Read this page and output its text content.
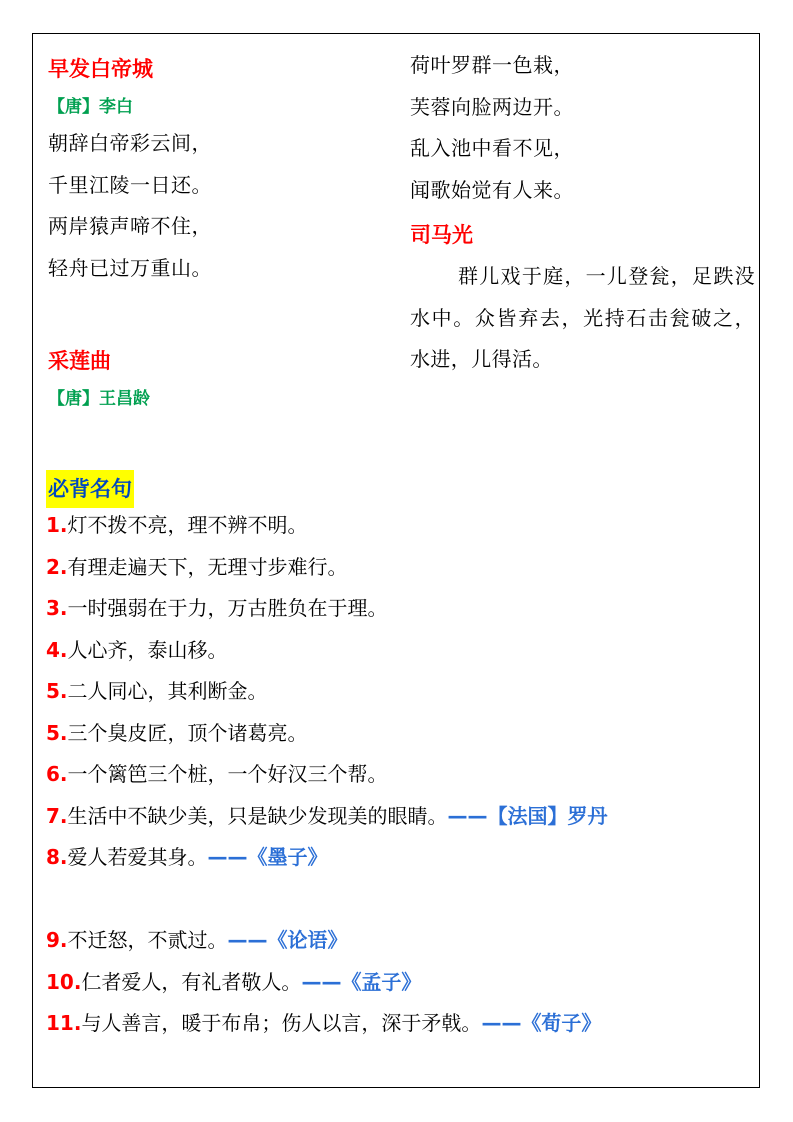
早发白帝城
【唐】李白
朝辞白帝彩云间，
千里江陵一日还。
两岸猿声啼不住，
轻舟已过万重山。
采莲曲
【唐】王昌龄
荷叶罗群一色栽，
芙蓉向脸两边开。
乱入池中看不见，
闻歌始觉有人来。
司马光

群儿戏于庭，一儿登瓮，足跌没水中。众皆弃去，光持石击瓮破之，水进，儿得活。

必背名句
1.灯不拨不亮，理不辨不明。
2.有理走遍天下，无理寸步难行。
3.一时强弱在于力，万古胜负在于理。
4.人心齐，泰山移。
5.二人同心，其利断金。
5.三个臭皮匠，顶个诸葛亮。
6.一个篱笆三个桩，一个好汉三个帮。
7.生活中不缺少美，只是缺少发现美的眼睛。——【法国】罗丹
8.爱人若爱其身。——《墨子》
9.不迁怒，不贰过。——《论语》
10.仁者爱人，有礼者敬人。——《孟子》
11.与人善言，暖于布帛；伤人以言，深于矛戟。——《荀子》
